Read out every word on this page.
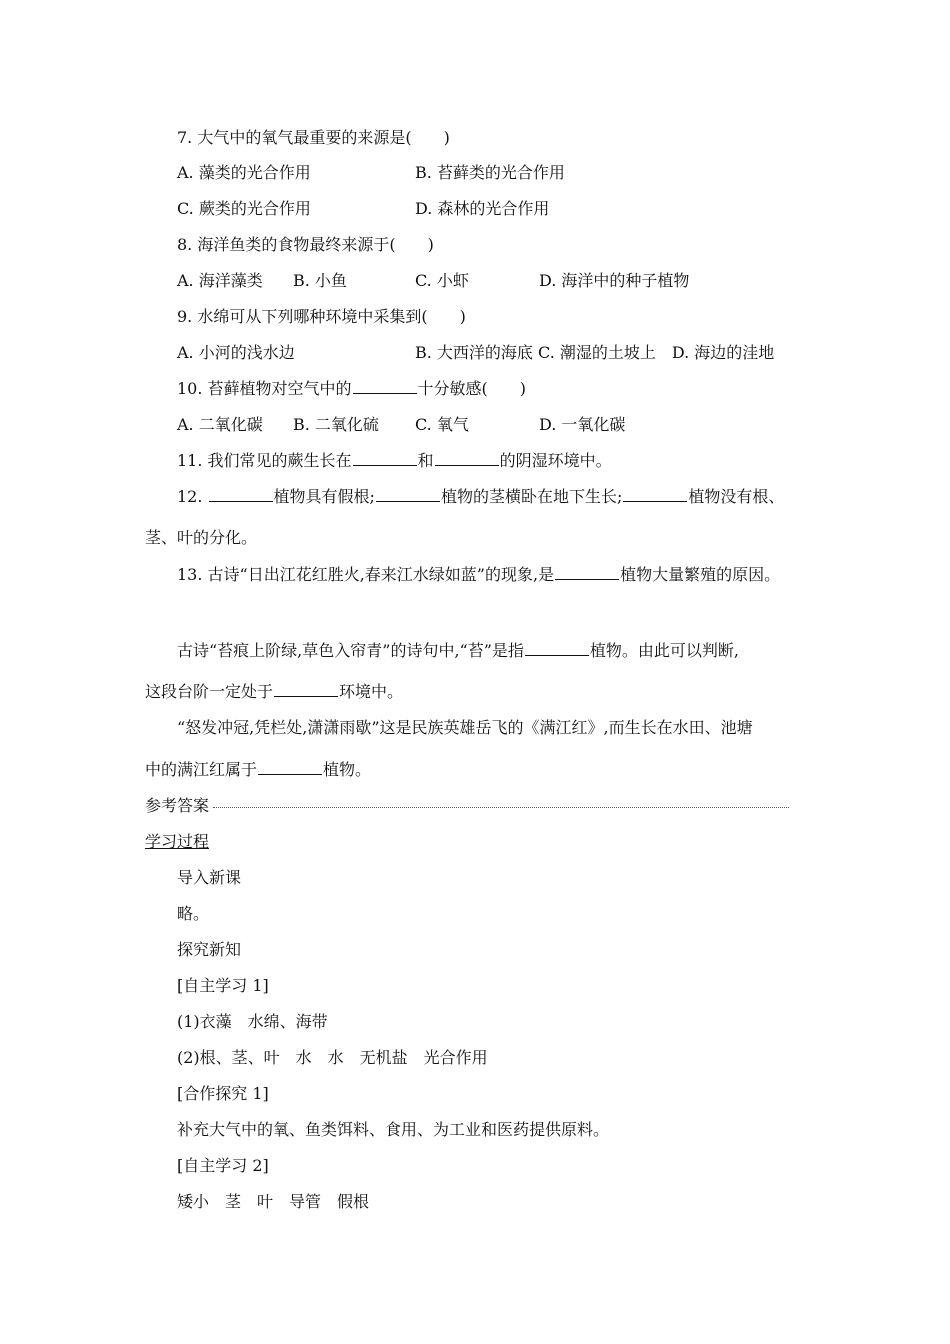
7. 大气中的氧气最重要的来源是(　　)
A. 藻类的光合作用	B. 苔藓类的光合作用
C. 蕨类的光合作用	D. 森林的光合作用
8. 海洋鱼类的食物最终来源于(　　)
A. 海洋藻类 B. 小鱼	C. 小虾	D. 海洋中的种子植物
9. 水绵可从下列哪种环境中采集到(　　)
A. 小河的浅水边	B. 大西洋的海底 C. 潮湿的土坡上　D. 海边的洼地
10. 苔藓植物对空气中的	十分敏感(　　)
A. 二氧化碳 B. 二氧化硫 C. 氧气	D. 一氧化碳
11. 我们常见的蕨生长在	和	的阴湿环境中。
12.	植物具有假根;	植物的茎横卧在地下生长;	植物没有根、
茎、叶的分化。
13. 古诗“日出江花红胜火,春来江水绿如蓝”的现象,是	植物大量繁殖的原因。
古诗“苔痕上阶绿,草色入帘青”的诗句中,“苔”是指	植物。由此可以判断,
这段台阶一定处于	环境中。
“怒发冲冠,凭栏处,潇潇雨歇”这是民族英雄岳飞的《满江红》,而生长在水田、池塘
中的满江红属于	植物。
参考答案
学习过程
导入新课
略。
探究新知
[自主学习 1]
(1)衣藻　水绵、海带
(2)根、茎、叶　水　水　无机盐　光合作用
[合作探究 1]
补充大气中的氧、鱼类饵料、食用、为工业和医药提供原料。
[自主学习 2]
矮小　茎　叶　导管　假根
